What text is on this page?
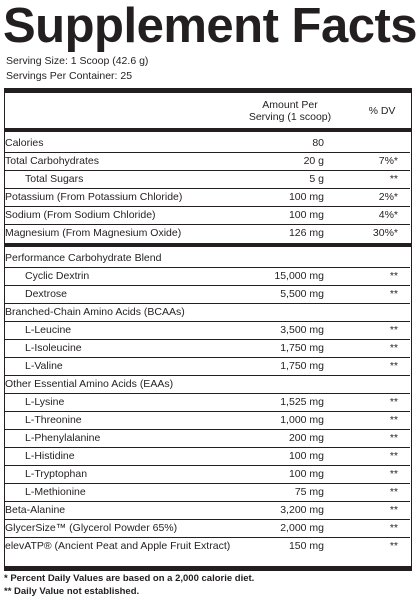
Supplement Facts
Serving Size: 1 Scoop (42.6 g)
Servings Per Container: 25
Amount Per
Serving (1 scoop)	% DV
Calories	80
Total Carbohydrates	20 g	7%*
Total Sugars	5 g	**
Potassium (From Potassium Chloride)	100 mg	2%*
Sodium (From Sodium Chloride)	100 mg	4%*
Magnesium (From Magnesium Oxide)	126 mg	30%*
Performance Carbohydrate Blend
Cyclic Dextrin	15,000 mg	**
Dextrose	5,500 mg	**
Branched-Chain Amino Acids (BCAAs)
L-Leucine	3,500 mg	**
L-Isoleucine	1,750 mg	**
L-Valine	1,750 mg	**
Other Essential Amino Acids (EAAs)
L-Lysine	1,525 mg	**
L-Threonine	1,000 mg	**
L-Phenylalanine	200 mg	**
L-Histidine	100 mg	**
L-Tryptophan	100 mg	**
L-Methionine	75 mg	**
Beta-Alanine	3,200 mg	**
GlycerSize™ (Glycerol Powder 65%)	2,000 mg	**
elevATP® (Ancient Peat and Apple Fruit Extract)	150 mg	**
* Percent Daily Values are based on a 2,000 calorie diet.
** Daily Value not established.
